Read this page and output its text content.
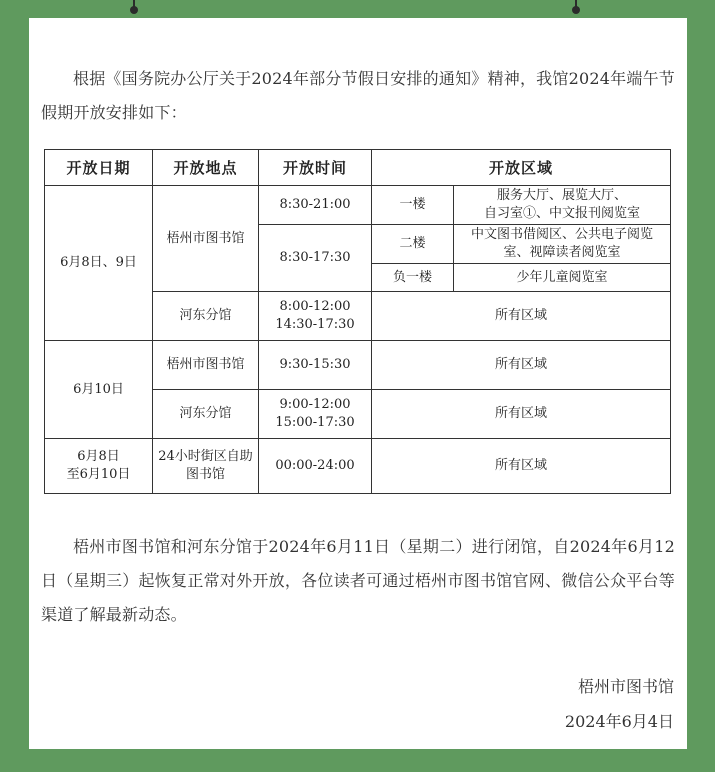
根据《国务院办公厅关于2024年部分节假日安排的通知》精神，我馆2024年端午节假期开放安排如下：

开放日期	开放地点	开放时间	开放区域	
6月8日、9日	梧州市图书馆	8:30-21:00	一楼	服务大厅、展览大厅、
自习室①、中文报刊阅览室

		8:30-17:30	二楼	中文图书借阅区、公共电子阅览
室、视障读者阅览室

			负一楼	少年儿童阅览室
	河东分馆	8:00-12:00
14:30-17:30	所有区域	
6月10日	梧州市图书馆	9:30-15:30	所有区域	
	河东分馆	9:00-12:00
15:00-17:30	所有区域	

6月8日
至6月10日	24小时街区自助图书馆	00:00-24:00	所有区域	

梧州市图书馆和河东分馆于2024年6月11日（星期二）进行闭馆，自2024年6月12日（星期三）起恢复正常对外开放，各位读者可通过梧州市图书馆官网、微信公众平台等渠道了解最新动态。

梧州市图书馆
2024年6月4日
